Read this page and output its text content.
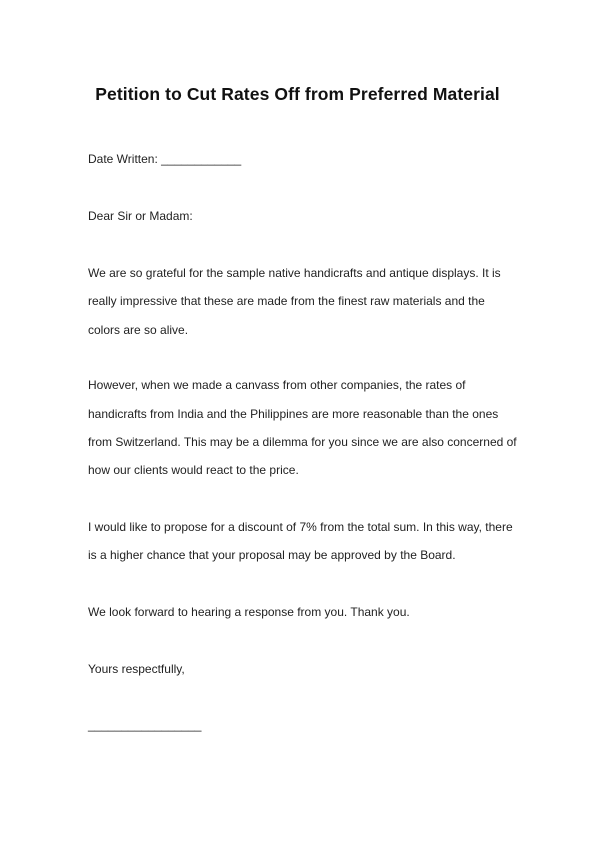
Petition to Cut Rates Off from Preferred Material
Date Written: ____________
Dear Sir or Madam:
We are so grateful for the sample native handicrafts and antique displays. It is
really impressive that these are made from the finest raw materials and the
colors are so alive.
However, when we made a canvass from other companies, the rates of
handicrafts from India and the Philippines are more reasonable than the ones
from Switzerland. This may be a dilemma for you since we are also concerned of
how our clients would react to the price.
I would like to propose for a discount of 7% from the total sum. In this way, there
is a higher chance that your proposal may be approved by the Board.
We look forward to hearing a response from you. Thank you.
Yours respectfully,
_________________
